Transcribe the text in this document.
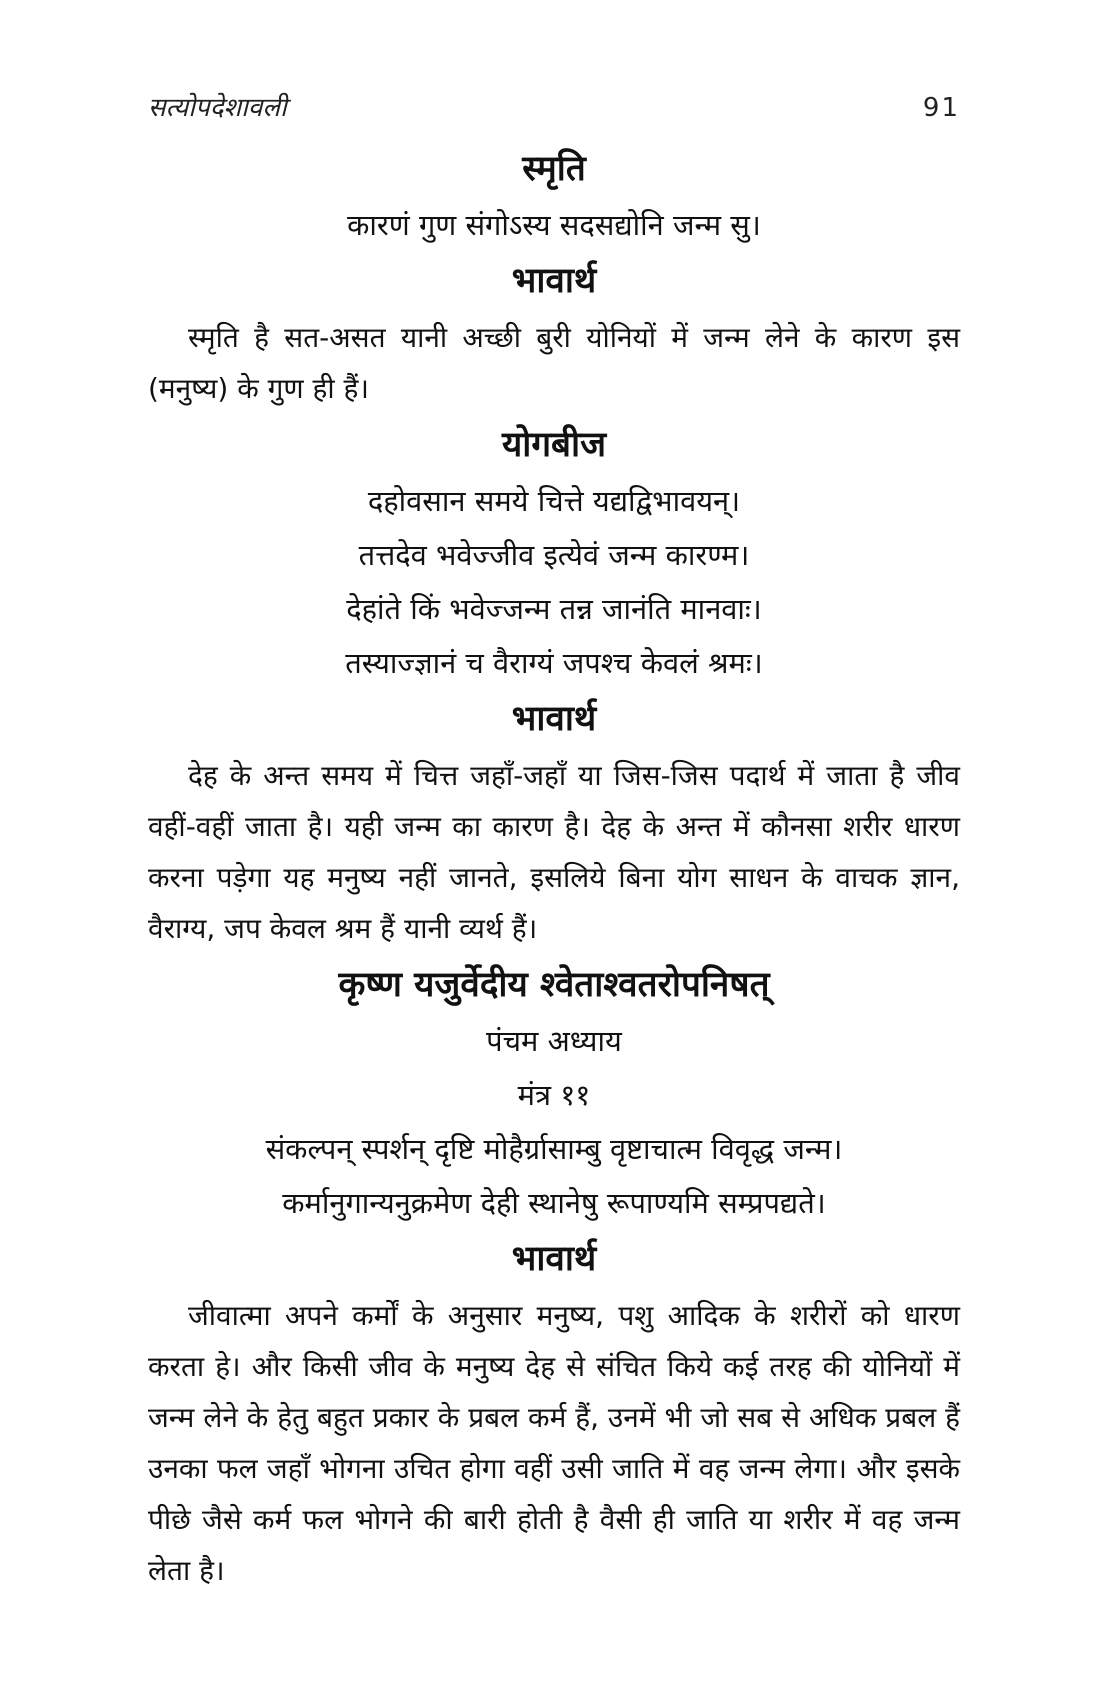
सत्योपदेशावली	91
स्मृति

कारणं गुण संगोऽस्य सदसद्योनि जन्म सु।

भावार्थ

स्मृति है सत-असत यानी अच्छी बुरी योनियों में जन्म लेने के कारण इस (मनुष्य) के गुण ही हैं।

योगबीज

दहोवसान समये चित्ते यद्यद्विभावयन्।

तत्तदेव भवेज्जीव इत्येवं जन्म कारण्म।

देहांते किं भवेज्जन्म तन्न जानंति मानवाः।

तस्याज्ज्ञानं च वैराग्यं जपश्च केवलं श्रमः।

भावार्थ

देह के अन्त समय में चित्त जहाँ-जहाँ या जिस-जिस पदार्थ में जाता है जीव वहीं-वहीं जाता है। यही जन्म का कारण है। देह के अन्त में कौनसा शरीर धारण करना पड़ेगा यह मनुष्य नहीं जानते, इसलिये बिना योग साधन के वाचक ज्ञान, वैराग्य, जप केवल श्रम हैं यानी व्यर्थ हैं।

कृष्ण यजुर्वेदीय श्वेताश्वतरोपनिषत्

पंचम अध्याय

मंत्र ११

संकल्पन् स्पर्शन् दृष्टि मोहैर्ग्रासाम्बु वृष्टाचात्म विवृद्ध जन्म।

कर्मानुगान्यनुक्रमेण देही स्थानेषु रूपाण्यमि सम्प्रपद्यते।

भावार्थ

जीवात्मा अपने कर्मों के अनुसार मनुष्य, पशु आदिक के शरीरों को धारण करता हे। और किसी जीव के मनुष्य देह से संचित किये कई तरह की योनियों में जन्म लेने के हेतु बहुत प्रकार के प्रबल कर्म हैं, उनमें भी जो सब से अधिक प्रबल हैं उनका फल जहाँ भोगना उचित होगा वहीं उसी जाति में वह जन्म लेगा। और इसके पीछे जैसे कर्म फल भोगने की बारी होती है वैसी ही जाति या शरीर में वह जन्म लेता है।
